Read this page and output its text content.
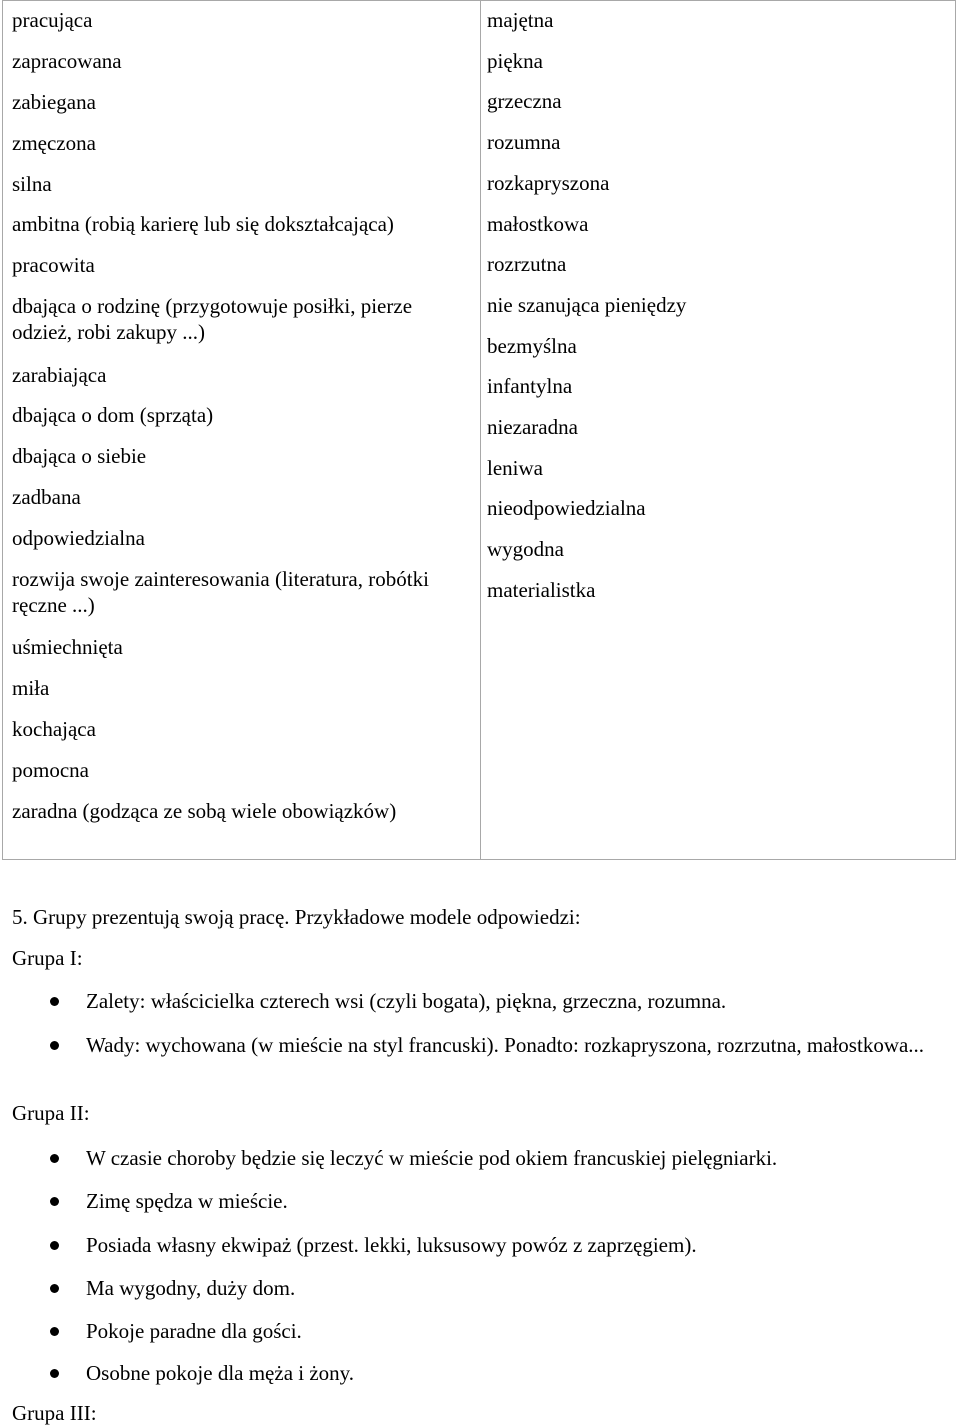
pracująca
zapracowana
zabiegana
zmęczona
silna
ambitna (robią karierę lub się dokształcająca)
pracowita
dbająca o rodzinę (przygotowuje posiłki, pierze odzież, robi zakupy ...)
zarabiająca
dbająca o dom (sprząta)
dbająca o siebie
zadbana
odpowiedzialna
rozwija swoje zainteresowania (literatura, robótki ręczne ...)
uśmiechnięta
miła
kochająca
pomocna
zaradna (godząca ze sobą wiele obowiązków)
majętna
piękna
grzeczna
rozumna
rozkapryszona
małostkowa
rozrzutna
nie szanująca pieniędzy
bezmyślna
infantylna
niezaradna
leniwa
nieodpowiedzialna
wygodna
materialistka
5. Grupy prezentują swoją pracę. Przykładowe modele odpowiedzi:
Grupa I:
Grupa II:
Grupa III:
Zalety: właścicielka czterech wsi (czyli bogata), piękna, grzeczna, rozumna.
Wady: wychowana (w mieście na styl francuski). Ponadto: rozkapryszona, rozrzutna, małostkowa...
W czasie choroby będzie się leczyć w mieście pod okiem francuskiej pielęgniarki.
Zimę spędza w mieście.
Posiada własny ekwipaż (przest. lekki, luksusowy powóz z zaprzęgiem).
Ma wygodny, duży dom.
Pokoje paradne dla gości.
Osobne pokoje dla męża i żony.
